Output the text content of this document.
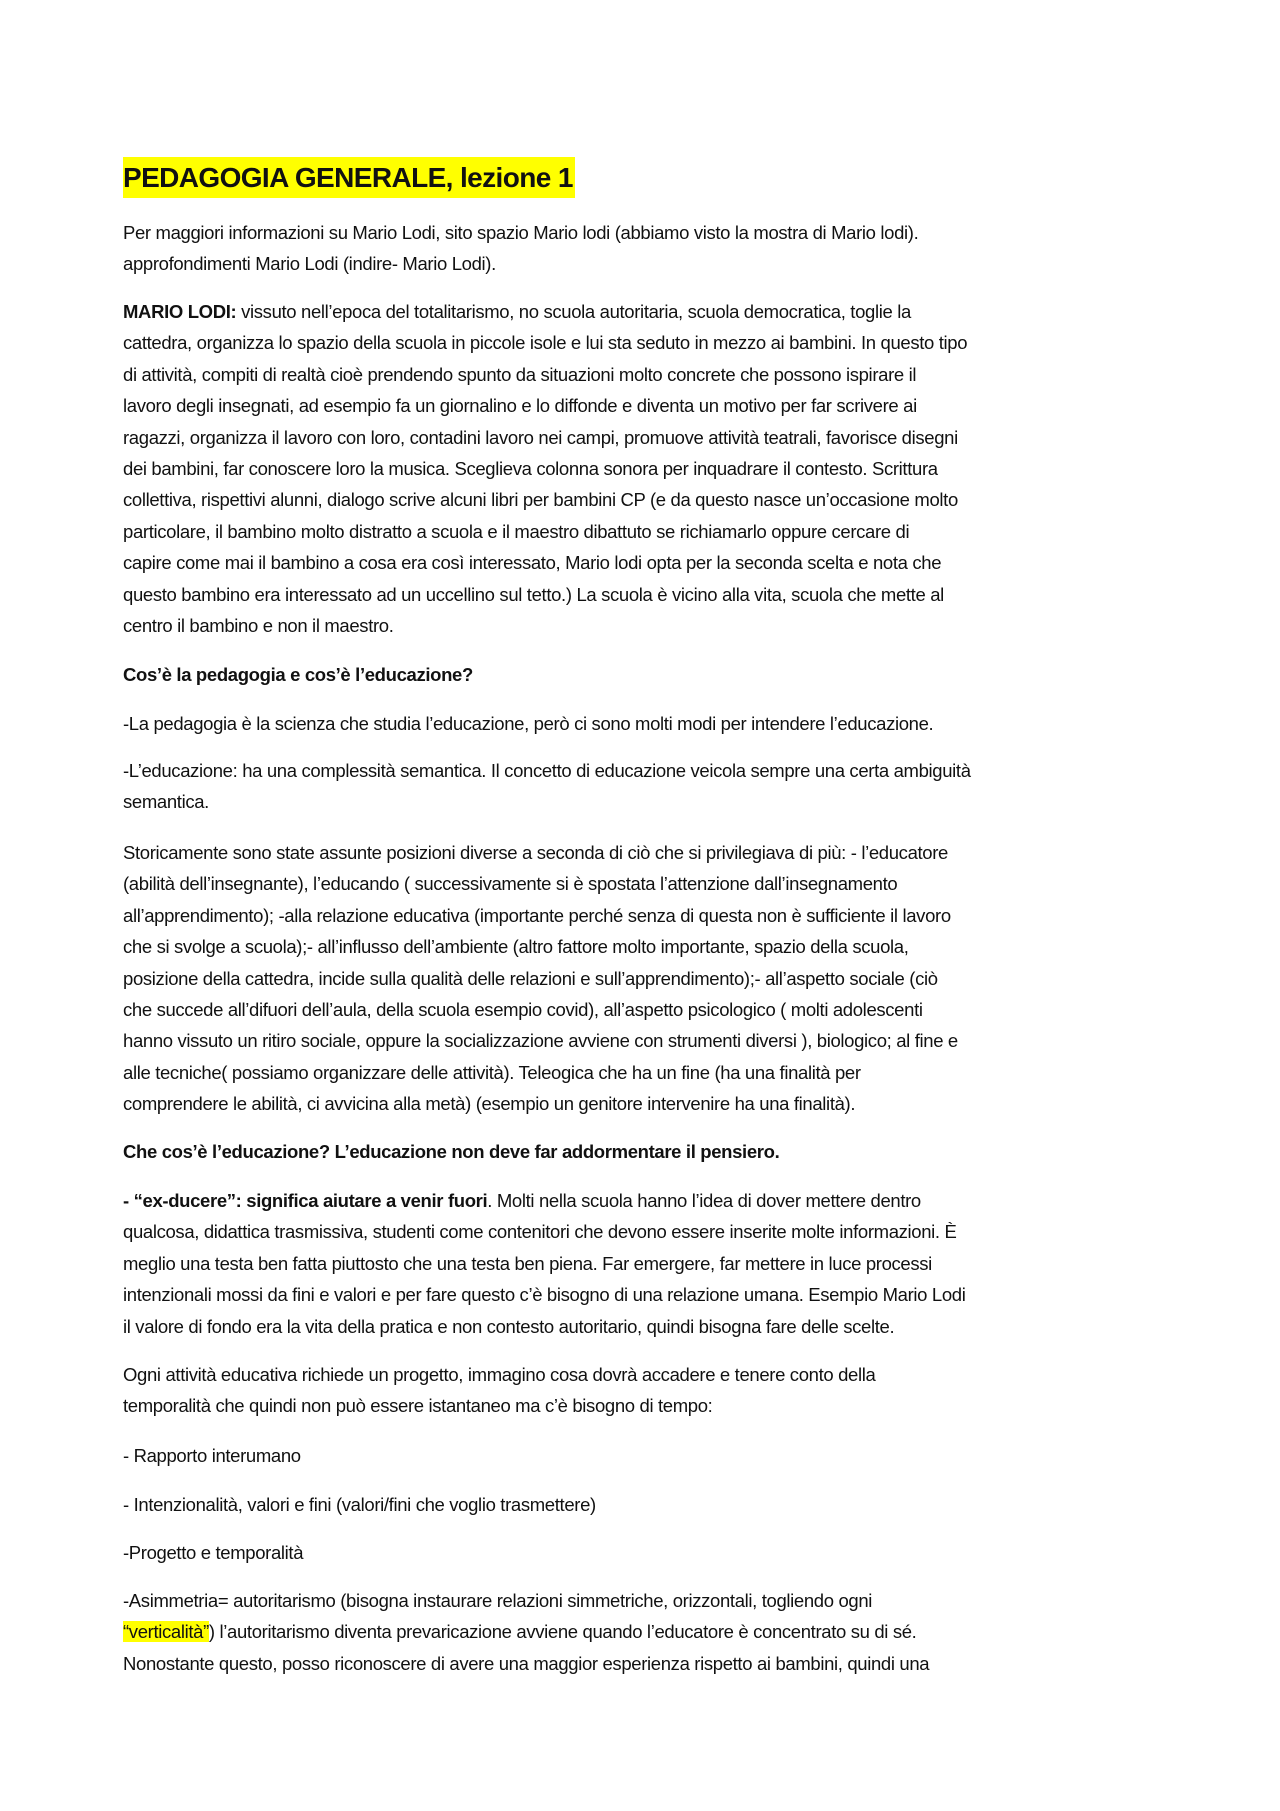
PEDAGOGIA GENERALE, lezione 1
Per maggiori informazioni su Mario Lodi, sito spazio Mario lodi (abbiamo visto la mostra di Mario lodi).
approfondimenti Mario Lodi (indire- Mario Lodi).
MARIO LODI: vissuto nell’epoca del totalitarismo, no scuola autoritaria, scuola democratica, toglie la
cattedra, organizza lo spazio della scuola in piccole isole e lui sta seduto in mezzo ai bambini. In questo tipo
di attività, compiti di realtà cioè prendendo spunto da situazioni molto concrete che possono ispirare il
lavoro degli insegnati, ad esempio fa un giornalino e lo diffonde e diventa un motivo per far scrivere ai
ragazzi, organizza il lavoro con loro, contadini lavoro nei campi, promuove attività teatrali, favorisce disegni
dei bambini, far conoscere loro la musica. Sceglieva colonna sonora per inquadrare il contesto. Scrittura
collettiva, rispettivi alunni, dialogo scrive alcuni libri per bambini CP (e da questo nasce un’occasione molto
particolare, il bambino molto distratto a scuola e il maestro dibattuto se richiamarlo oppure cercare di
capire come mai il bambino a cosa era così interessato, Mario lodi opta per la seconda scelta e nota che
questo bambino era interessato ad un uccellino sul tetto.) La scuola è vicino alla vita, scuola che mette al
centro il bambino e non il maestro.
Cos’è la pedagogia e cos’è l’educazione?
-La pedagogia è la scienza che studia l’educazione, però ci sono molti modi per intendere l’educazione.
-L’educazione: ha una complessità semantica. Il concetto di educazione veicola sempre una certa ambiguità
semantica.
Storicamente sono state assunte posizioni diverse a seconda di ciò che si privilegiava di più: - l’educatore
(abilità dell’insegnante), l’educando ( successivamente si è spostata l’attenzione dall’insegnamento
all’apprendimento); -alla relazione educativa (importante perché senza di questa non è sufficiente il lavoro
che si svolge a scuola);- all’influsso dell’ambiente (altro fattore molto importante, spazio della scuola,
posizione della cattedra, incide sulla qualità delle relazioni e sull’apprendimento);- all’aspetto sociale (ciò
che succede all’difuori dell’aula, della scuola esempio covid), all’aspetto psicologico ( molti adolescenti
hanno vissuto un ritiro sociale, oppure la socializzazione avviene con strumenti diversi ), biologico; al fine e
alle tecniche( possiamo organizzare delle attività). Teleogica che ha un fine (ha una finalità per
comprendere le abilità, ci avvicina alla metà) (esempio un genitore intervenire ha una finalità).
Che cos’è l’educazione? L’educazione non deve far addormentare il pensiero.
- “ex-ducere”: significa aiutare a venir fuori. Molti nella scuola hanno l’idea di dover mettere dentro
qualcosa, didattica trasmissiva, studenti come contenitori che devono essere inserite molte informazioni. È
meglio una testa ben fatta piuttosto che una testa ben piena. Far emergere, far mettere in luce processi
intenzionali mossi da fini e valori e per fare questo c’è bisogno di una relazione umana. Esempio Mario Lodi
il valore di fondo era la vita della pratica e non contesto autoritario, quindi bisogna fare delle scelte.
Ogni attività educativa richiede un progetto, immagino cosa dovrà accadere e tenere conto della
temporalità che quindi non può essere istantaneo ma c’è bisogno di tempo:
- Rapporto interumano
- Intenzionalità, valori e fini (valori/fini che voglio trasmettere)
-Progetto e temporalità
-Asimmetria= autoritarismo (bisogna instaurare relazioni simmetriche, orizzontali, togliendo ogni
“verticalità”) l’autoritarismo diventa prevaricazione avviene quando l’educatore è concentrato su di sé.
Nonostante questo, posso riconoscere di avere una maggior esperienza rispetto ai bambini, quindi una
